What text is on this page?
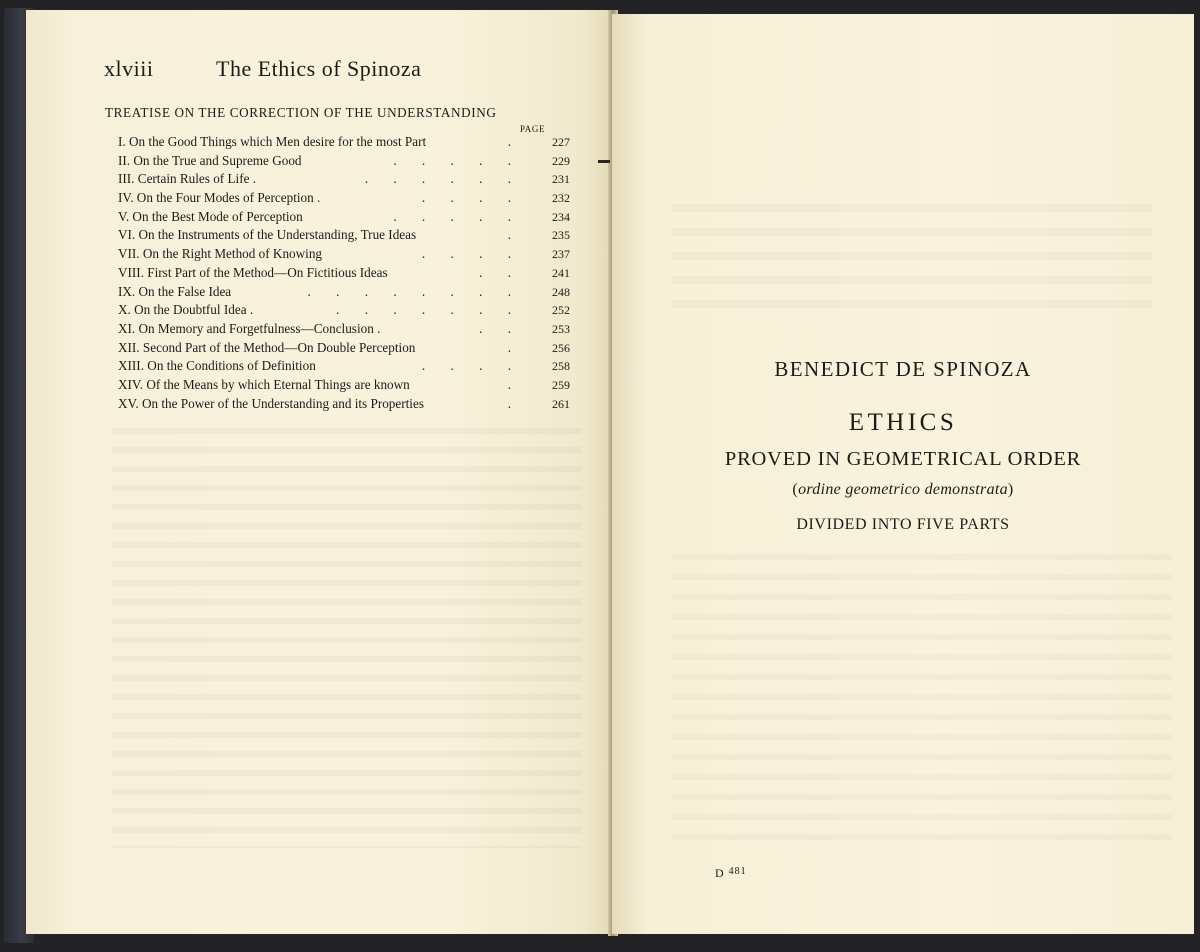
xlviii	The Ethics of Spinoza
TREATISE ON THE CORRECTION OF THE UNDERSTANDING
PAGE
I. On the Good Things which Men desire for the most Part	.	227
II. On the True and Supreme Good	. . . . .	229
III. Certain Rules of Life .	. . . . . .	231
IV. On the Four Modes of Perception .	. . . .	232
V. On the Best Mode of Perception	. . . . .	234
VI. On the Instruments of the Understanding, True Ideas	.	235
VII. On the Right Method of Knowing	. . . .	237
VIII. First Part of the Method—On Fictitious Ideas	. .	241
IX. On the False Idea	. . . . . . . .	248
X. On the Doubtful Idea .	. . . . . . .	252
XI. On Memory and Forgetfulness—Conclusion .	. .	253
XII. Second Part of the Method—On Double Perception	.	256
XIII. On the Conditions of Definition	. . . .	258
XIV. Of the Means by which Eternal Things are known	.	259
XV. On the Power of the Understanding and its Properties	.	261
BENEDICT DE SPINOZA
ETHICS
PROVED IN GEOMETRICAL ORDER
(ordine geometrico demonstrata)
DIVIDED INTO FIVE PARTS
D $^{481}$
